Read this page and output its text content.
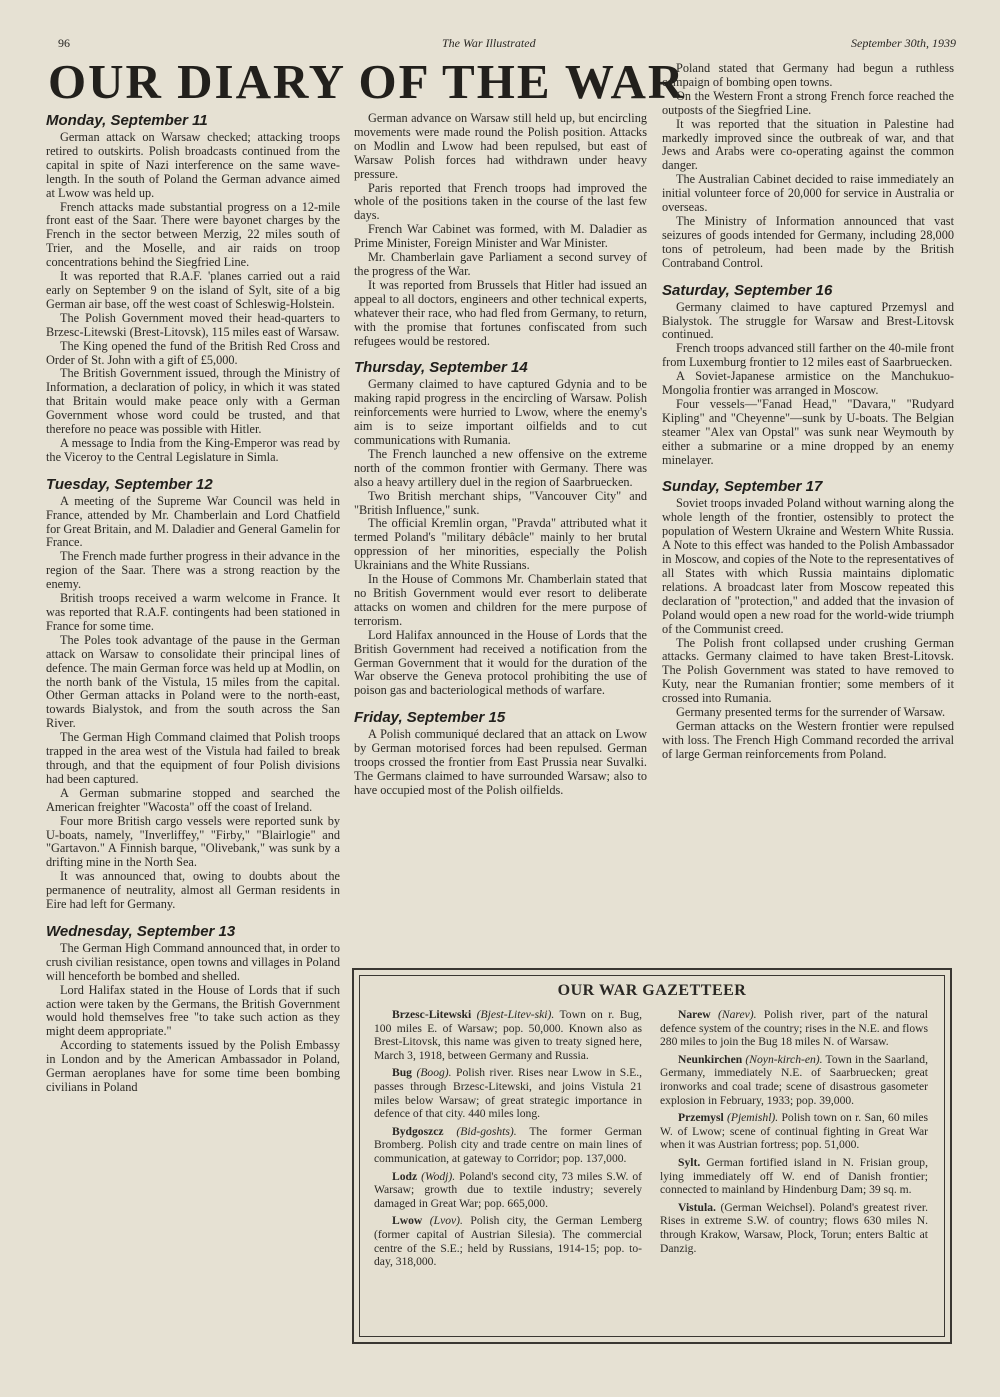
96	The War Illustrated	September 30th, 1939
OUR DIARY OF THE WAR
Monday, September 11

German attack on Warsaw checked; attacking troops retired to outskirts. Polish broadcasts continued from the capital in spite of Nazi interference on the same wave-length. In the south of Poland the German advance aimed at Lwow was held up.

French attacks made substantial progress on a 12-mile front east of the Saar. There were bayonet charges by the French in the sector between Merzig, 22 miles south of Trier, and the Moselle, and air raids on troop concentrations behind the Siegfried Line.

It was reported that R.A.F. 'planes carried out a raid early on September 9 on the island of Sylt, site of a big German air base, off the west coast of Schleswig-Holstein.

The Polish Government moved their head-quarters to Brzesc-Litewski (Brest-Litovsk), 115 miles east of Warsaw.

The King opened the fund of the British Red Cross and Order of St. John with a gift of £5,000.

The British Government issued, through the Ministry of Information, a declaration of policy, in which it was stated that Britain would make peace only with a German Government whose word could be trusted, and that therefore no peace was possible with Hitler.

A message to India from the King-Emperor was read by the Viceroy to the Central Legislature in Simla.

Tuesday, September 12

A meeting of the Supreme War Council was held in France, attended by Mr. Chamberlain and Lord Chatfield for Great Britain, and M. Daladier and General Gamelin for France.

The French made further progress in their advance in the region of the Saar. There was a strong reaction by the enemy.

British troops received a warm welcome in France. It was reported that R.A.F. contingents had been stationed in France for some time.

The Poles took advantage of the pause in the German attack on Warsaw to consolidate their principal lines of defence. The main German force was held up at Modlin, on the north bank of the Vistula, 15 miles from the capital. Other German attacks in Poland were to the north-east, towards Bialystok, and from the south across the San River.

The German High Command claimed that Polish troops trapped in the area west of the Vistula had failed to break through, and that the equipment of four Polish divisions had been captured.

A German submarine stopped and searched the American freighter "Wacosta" off the coast of Ireland.

Four more British cargo vessels were reported sunk by U-boats, namely, "Inverliffey," "Firby," "Blairlogie" and "Gartavon." A Finnish barque, "Olivebank," was sunk by a drifting mine in the North Sea.

It was announced that, owing to doubts about the permanence of neutrality, almost all German residents in Eire had left for Germany.

Wednesday, September 13

The German High Command announced that, in order to crush civilian resistance, open towns and villages in Poland will henceforth be bombed and shelled.

Lord Halifax stated in the House of Lords that if such action were taken by the Germans, the British Government would hold themselves free "to take such action as they might deem appropriate."

According to statements issued by the Polish Embassy in London and by the American Ambassador in Poland, German aeroplanes have for some time been bombing civilians in Poland

German advance on Warsaw still held up, but encircling movements were made round the Polish position. Attacks on Modlin and Lwow had been repulsed, but east of Warsaw Polish forces had withdrawn under heavy pressure.

Paris reported that French troops had improved the whole of the positions taken in the course of the last few days.

French War Cabinet was formed, with M. Daladier as Prime Minister, Foreign Minister and War Minister.

Mr. Chamberlain gave Parliament a second survey of the progress of the War.

It was reported from Brussels that Hitler had issued an appeal to all doctors, engineers and other technical experts, whatever their race, who had fled from Germany, to return, with the promise that fortunes confiscated from such refugees would be restored.

Thursday, September 14

Germany claimed to have captured Gdynia and to be making rapid progress in the encircling of Warsaw. Polish reinforcements were hurried to Lwow, where the enemy's aim is to seize important oilfields and to cut communications with Rumania.

The French launched a new offensive on the extreme north of the common frontier with Germany. There was also a heavy artillery duel in the region of Saarbruecken.

Two British merchant ships, "Vancouver City" and "British Influence," sunk.

The official Kremlin organ, "Pravda" attributed what it termed Poland's "military débâcle" mainly to her brutal oppression of her minorities, especially the Polish Ukrainians and the White Russians.

In the House of Commons Mr. Chamberlain stated that no British Government would ever resort to deliberate attacks on women and children for the mere purpose of terrorism.

Lord Halifax announced in the House of Lords that the British Government had received a notification from the German Government that it would for the duration of the War observe the Geneva protocol prohibiting the use of poison gas and bacteriological methods of warfare.

Friday, September 15

A Polish communiqué declared that an attack on Lwow by German motorised forces had been repulsed. German troops crossed the frontier from East Prussia near Suvalki. The Germans claimed to have surrounded Warsaw; also to have occupied most of the Polish oilfields.

Poland stated that Germany had begun a ruthless campaign of bombing open towns.

On the Western Front a strong French force reached the outposts of the Siegfried Line.

It was reported that the situation in Palestine had markedly improved since the outbreak of war, and that Jews and Arabs were co-operating against the common danger.

The Australian Cabinet decided to raise immediately an initial volunteer force of 20,000 for service in Australia or overseas.

The Ministry of Information announced that vast seizures of goods intended for Germany, including 28,000 tons of petroleum, had been made by the British Contraband Control.

Saturday, September 16

Germany claimed to have captured Przemysl and Bialystok. The struggle for Warsaw and Brest-Litovsk continued.

French troops advanced still farther on the 40-mile front from Luxemburg frontier to 12 miles east of Saarbruecken.

A Soviet-Japanese armistice on the Manchukuo-Mongolia frontier was arranged in Moscow.

Four vessels—"Fanad Head," "Davara," "Rudyard Kipling" and "Cheyenne"—sunk by U-boats. The Belgian steamer "Alex van Opstal" was sunk near Weymouth by either a submarine or a mine dropped by an enemy minelayer.

Sunday, September 17

Soviet troops invaded Poland without warning along the whole length of the frontier, ostensibly to protect the population of Western Ukraine and Western White Russia. A Note to this effect was handed to the Polish Ambassador in Moscow, and copies of the Note to the representatives of all States with which Russia maintains diplomatic relations. A broadcast later from Moscow repeated this declaration of "protection," and added that the invasion of Poland would open a new road for the world-wide triumph of the Communist creed.

The Polish front collapsed under crushing German attacks. Germany claimed to have taken Brest-Litovsk. The Polish Government was stated to have removed to Kuty, near the Rumanian frontier; some members of it crossed into Rumania.

Germany presented terms for the surrender of Warsaw.

German attacks on the Western frontier were repulsed with loss. The French High Command recorded the arrival of large German reinforcements from Poland.

OUR WAR GAZETTEER

Brzesc-Litewski (Bjest-Litev-ski). Town on r. Bug, 100 miles E. of Warsaw; pop. 50,000. Known also as Brest-Litovsk, this name was given to treaty signed here, March 3, 1918, between Germany and Russia.

Bug (Boog). Polish river. Rises near Lwow in S.E., passes through Brzesc-Litewski, and joins Vistula 21 miles below Warsaw; of great strategic importance in defence of that city. 440 miles long.

Bydgoszcz (Bid-goshts). The former German Bromberg. Polish city and trade centre on main lines of communication, at gateway to Corridor; pop. 137,000.

Lodz (Wodj). Poland's second city, 73 miles S.W. of Warsaw; growth due to textile industry; severely damaged in Great War; pop. 665,000.

Lwow (Lvov). Polish city, the German Lemberg (former capital of Austrian Silesia). The commercial centre of the S.E.; held by Russians, 1914-15; pop. to-day, 318,000.

Narew (Narev). Polish river, part of the natural defence system of the country; rises in the N.E. and flows 280 miles to join the Bug 18 miles N. of Warsaw.

Neunkirchen (Noyn-kirch-en). Town in the Saarland, Germany, immediately N.E. of Saarbruecken; great ironworks and coal trade; scene of disastrous gasometer explosion in February, 1933; pop. 39,000.

Przemysl (Pjemishl). Polish town on r. San, 60 miles W. of Lwow; scene of continual fighting in Great War when it was Austrian fortress; pop. 51,000.

Sylt. German fortified island in N. Frisian group, lying immediately off W. end of Danish frontier; connected to mainland by Hindenburg Dam; 39 sq. m.

Vistula. (German Weichsel). Poland's greatest river. Rises in extreme S.W. of country; flows 630 miles N. through Krakow, Warsaw, Plock, Torun; enters Baltic at Danzig.
